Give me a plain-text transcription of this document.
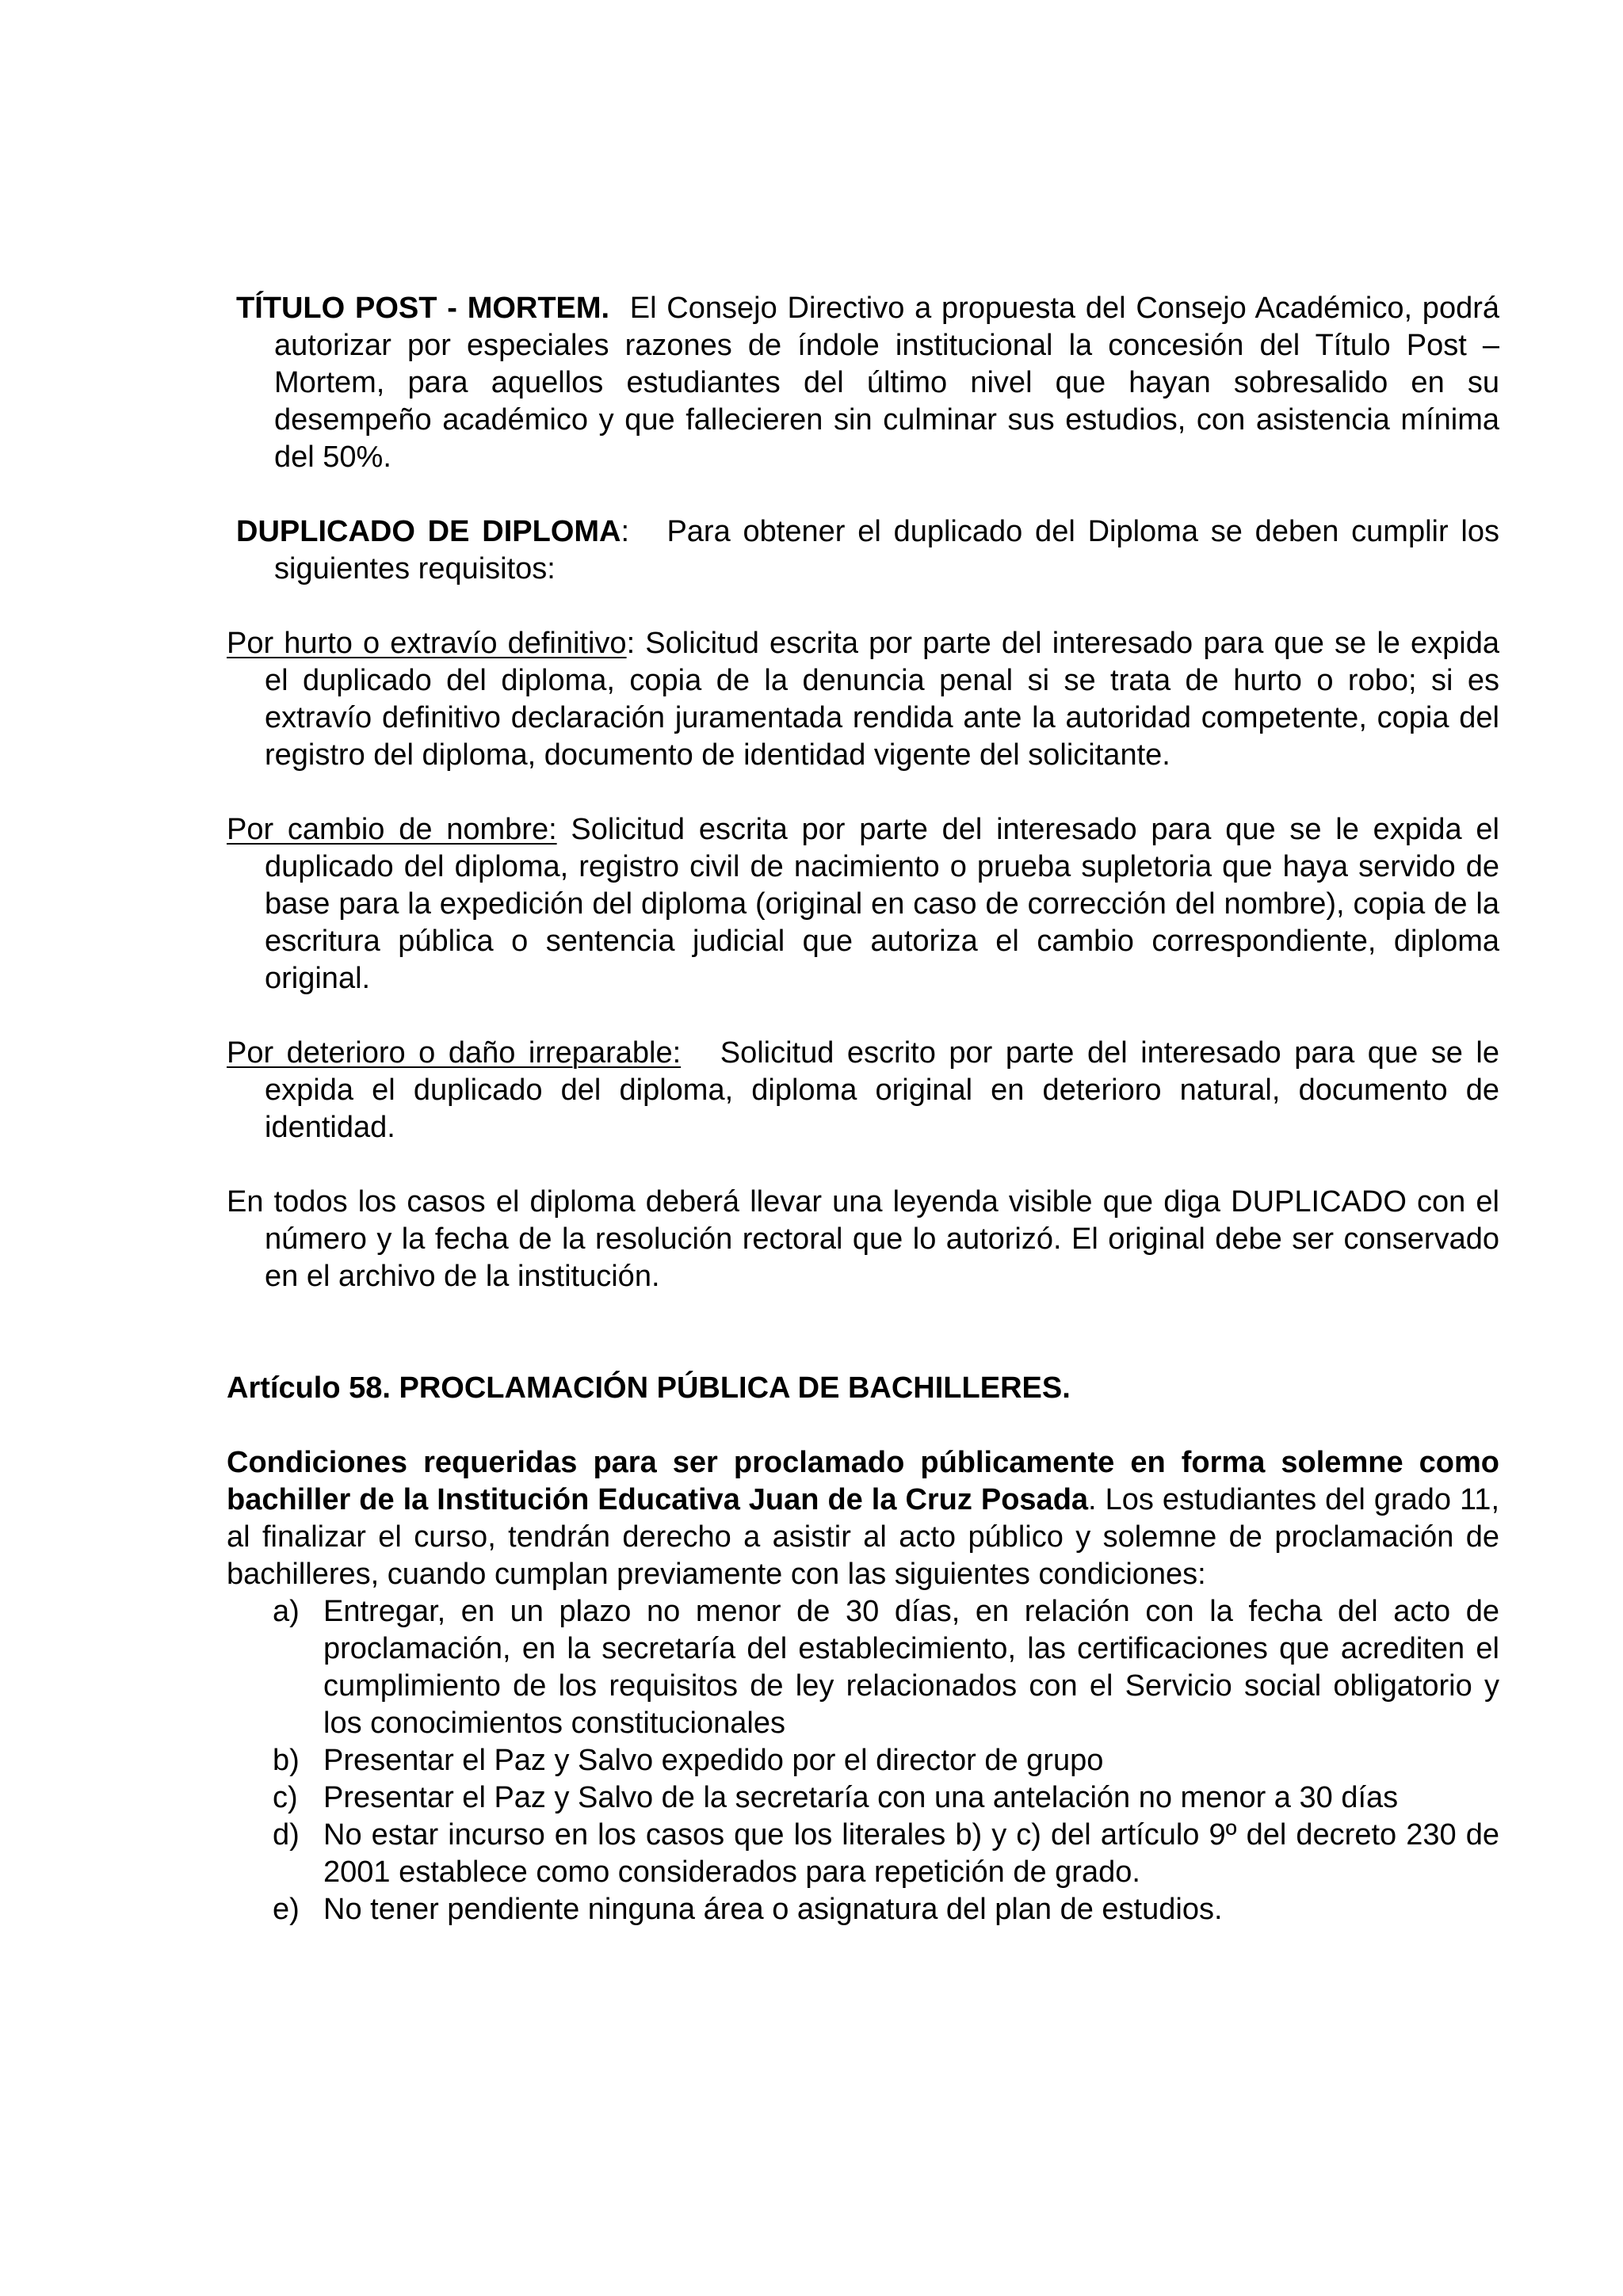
TÍTULO POST - MORTEM. El Consejo Directivo a propuesta del Consejo Académico, podrá autorizar por especiales razones de índole institucional la concesión del Título Post – Mortem, para aquellos estudiantes del último nivel que hayan sobresalido en su desempeño académico y que fallecieren sin culminar sus estudios, con asistencia mínima del 50%.

DUPLICADO DE DIPLOMA: Para obtener el duplicado del Diploma se deben cumplir los siguientes requisitos:

Por hurto o extravío definitivo: Solicitud escrita por parte del interesado para que se le expida el duplicado del diploma, copia de la denuncia penal si se trata de hurto o robo; si es extravío definitivo declaración juramentada rendida ante la autoridad competente, copia del registro del diploma, documento de identidad vigente del solicitante.

Por cambio de nombre: Solicitud escrita por parte del interesado para que se le expida el duplicado del diploma, registro civil de nacimiento o prueba supletoria que haya servido de base para la expedición del diploma (original en caso de corrección del nombre), copia de la escritura pública o sentencia judicial que autoriza el cambio correspondiente, diploma original.

Por deterioro o daño irreparable: Solicitud escrito por parte del interesado para que se le expida el duplicado del diploma, diploma original en deterioro natural, documento de identidad.

En todos los casos el diploma deberá llevar una leyenda visible que diga DUPLICADO con el número y la fecha de la resolución rectoral que lo autorizó. El original debe ser conservado en el archivo de la institución.

Artículo 58. PROCLAMACIÓN PÚBLICA DE BACHILLERES.

Condiciones requeridas para ser proclamado públicamente en forma solemne como bachiller de la Institución Educativa Juan de la Cruz Posada. Los estudiantes del grado 11, al finalizar el curso, tendrán derecho a asistir al acto público y solemne de proclamación de bachilleres, cuando cumplan previamente con las siguientes condiciones:

a) Entregar, en un plazo no menor de 30 días, en relación con la fecha del acto de proclamación, en la secretaría del establecimiento, las certificaciones que acrediten el cumplimiento de los requisitos de ley relacionados con el Servicio social obligatorio y los conocimientos constitucionales
b) Presentar el Paz y Salvo expedido por el director de grupo
c) Presentar el Paz y Salvo de la secretaría con una antelación no menor a 30 días
d) No estar incurso en los casos que los literales b) y c) del artículo 9º del decreto 230 de 2001 establece como considerados para repetición de grado.
e) No tener pendiente ninguna área o asignatura del plan de estudios.
